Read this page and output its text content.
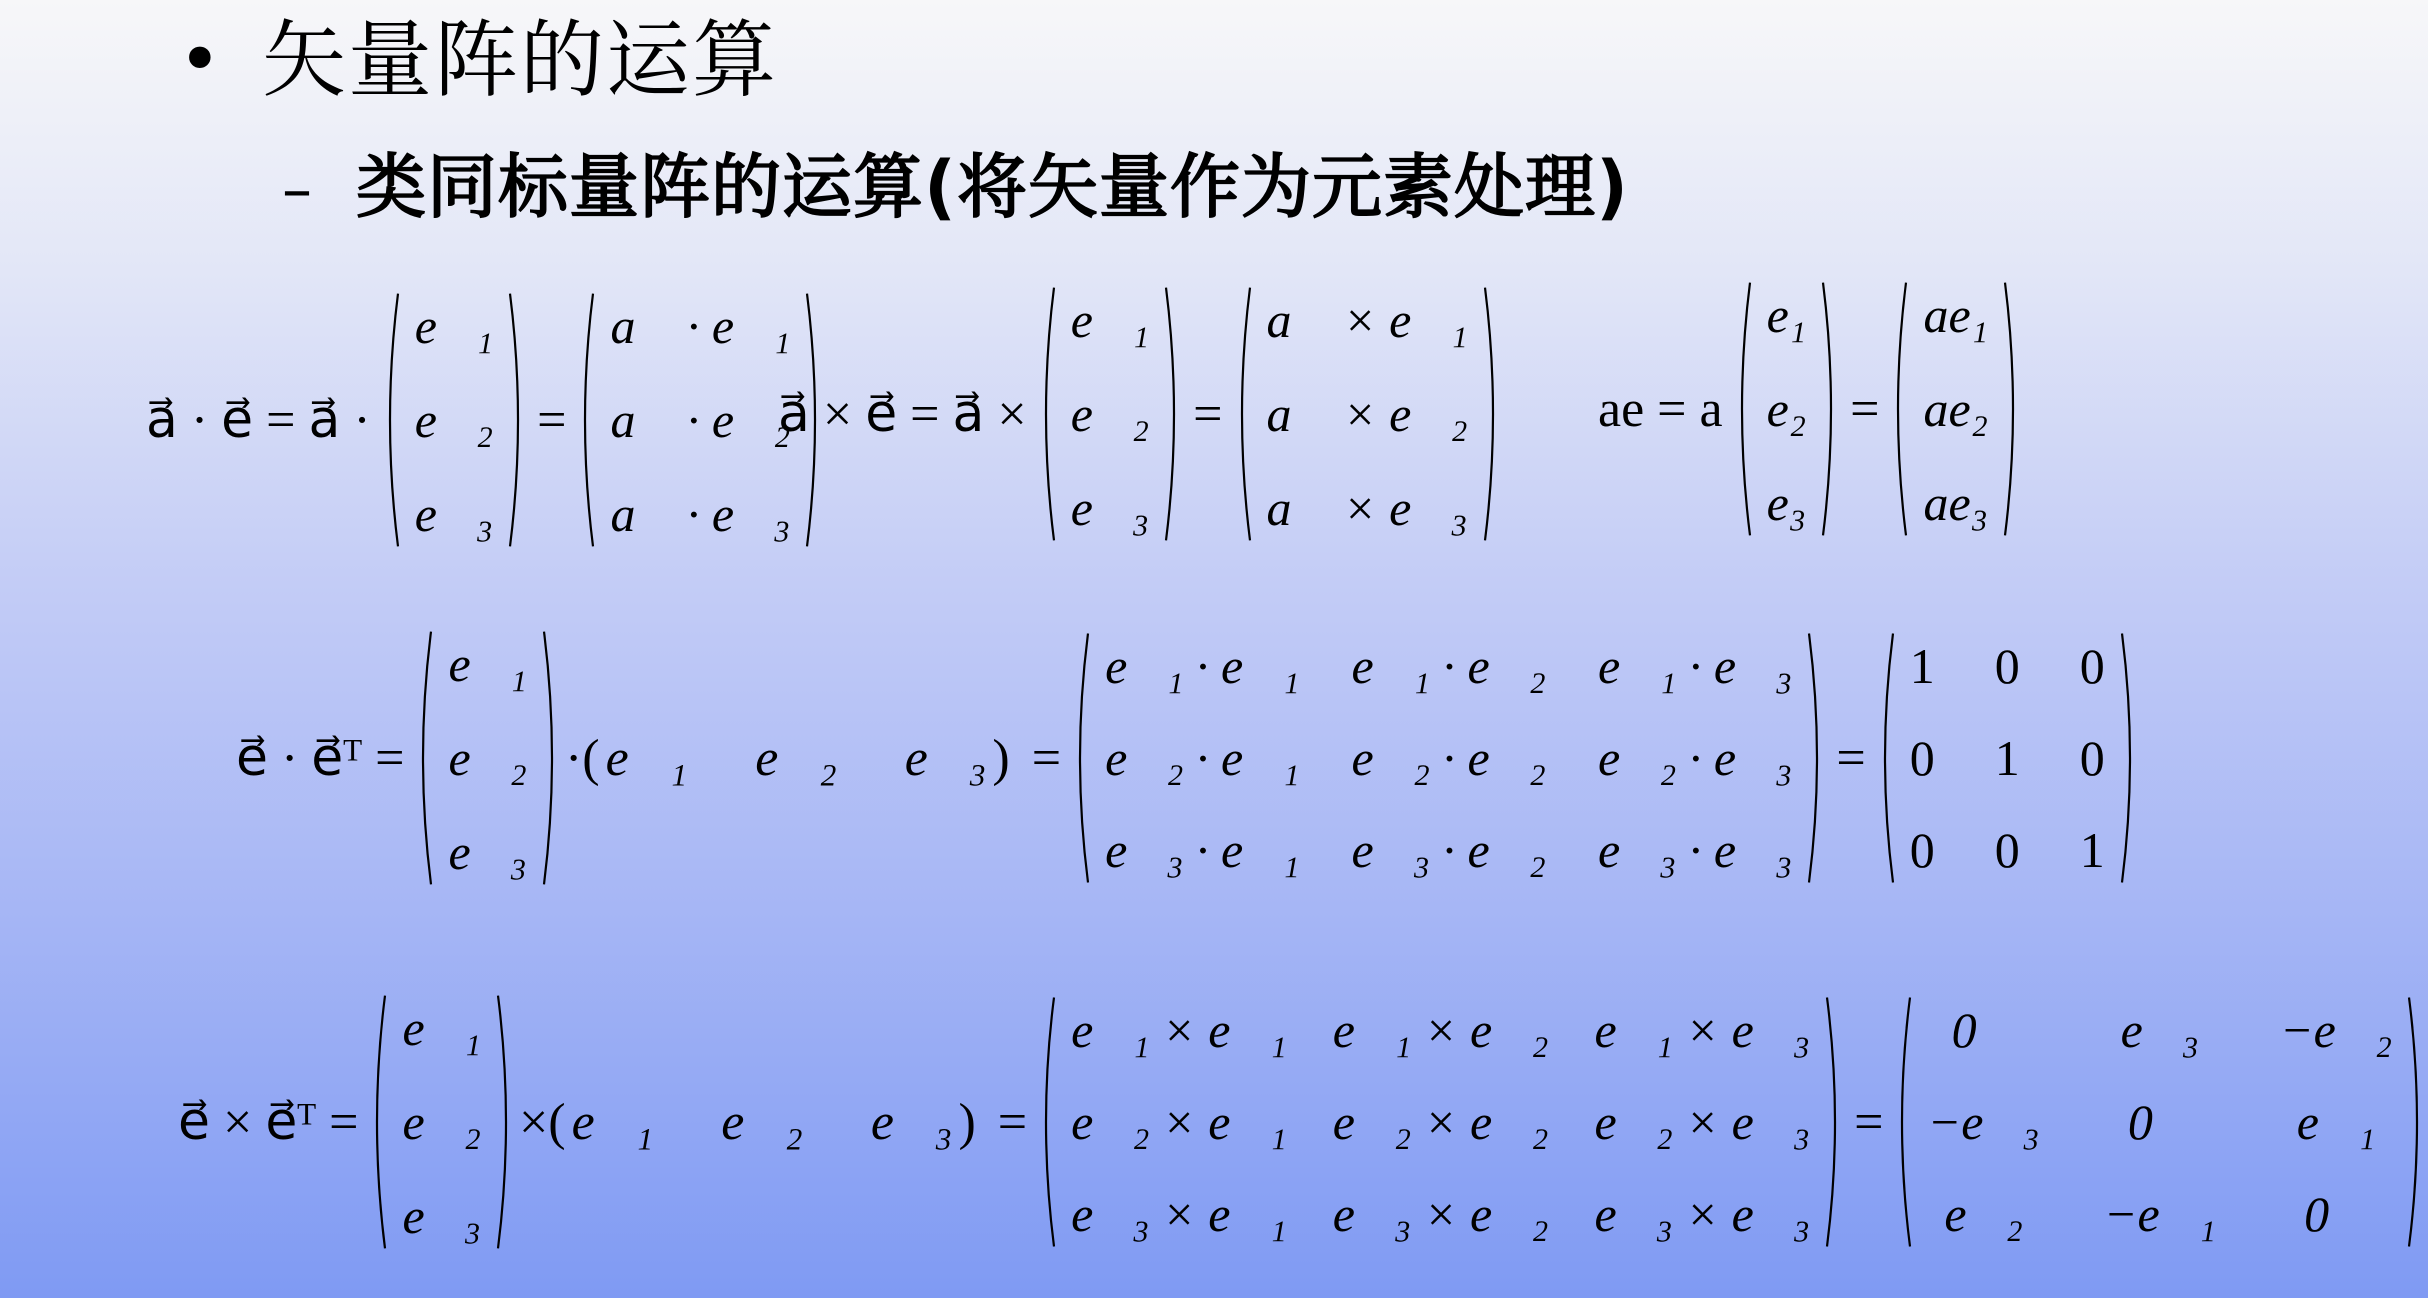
• 矢量阵的运算
– 类同标量阵的运算(将矢量作为元素处理)
a⃗ · e⃗ = a⃗ ·
e⃗₁
e⃗₂
e⃗₃
=
a⃗ · e⃗₁
a⃗ · e⃗₂
a⃗ · e⃗₃
a⃗ × e⃗ = a⃗ ×
e⃗₁
e⃗₂
e⃗₃
=
a⃗ × e⃗₁
a⃗ × e⃗₂
a⃗ × e⃗₃
ae = a
e₁
e₂
e₃
=
ae₁
ae₂
ae₃
e⃗ · e⃗ᵀ =
e⃗₁
e⃗₂
e⃗₃
·( e⃗₁ e⃗₂ e⃗₃ ) =
e⃗₁ · e⃗₁ e⃗₁ · e⃗₂ e⃗₁ · e⃗₃
e⃗₂ · e⃗₁ e⃗₂ · e⃗₂ e⃗₂ · e⃗₃
e⃗₃ · e⃗₁ e⃗₃ · e⃗₂ e⃗₃ · e⃗₃
=
1 0 0
0 1 0
0 0 1
e⃗ × e⃗ᵀ =
e⃗₁
e⃗₂
e⃗₃
×( e⃗₁ e⃗₂ e⃗₃ ) =
e⃗₁ × e⃗₁ e⃗₁ × e⃗₂ e⃗₁ × e⃗₃
e⃗₂ × e⃗₁ e⃗₂ × e⃗₂ e⃗₂ × e⃗₃
e⃗₃ × e⃗₁ e⃗₃ × e⃗₂ e⃗₃ × e⃗₃
=
0⃗ e⃗₃ −e⃗₂
−e⃗₃ 0⃗ e⃗₁
e⃗₂ −e⃗₁ 0⃗
